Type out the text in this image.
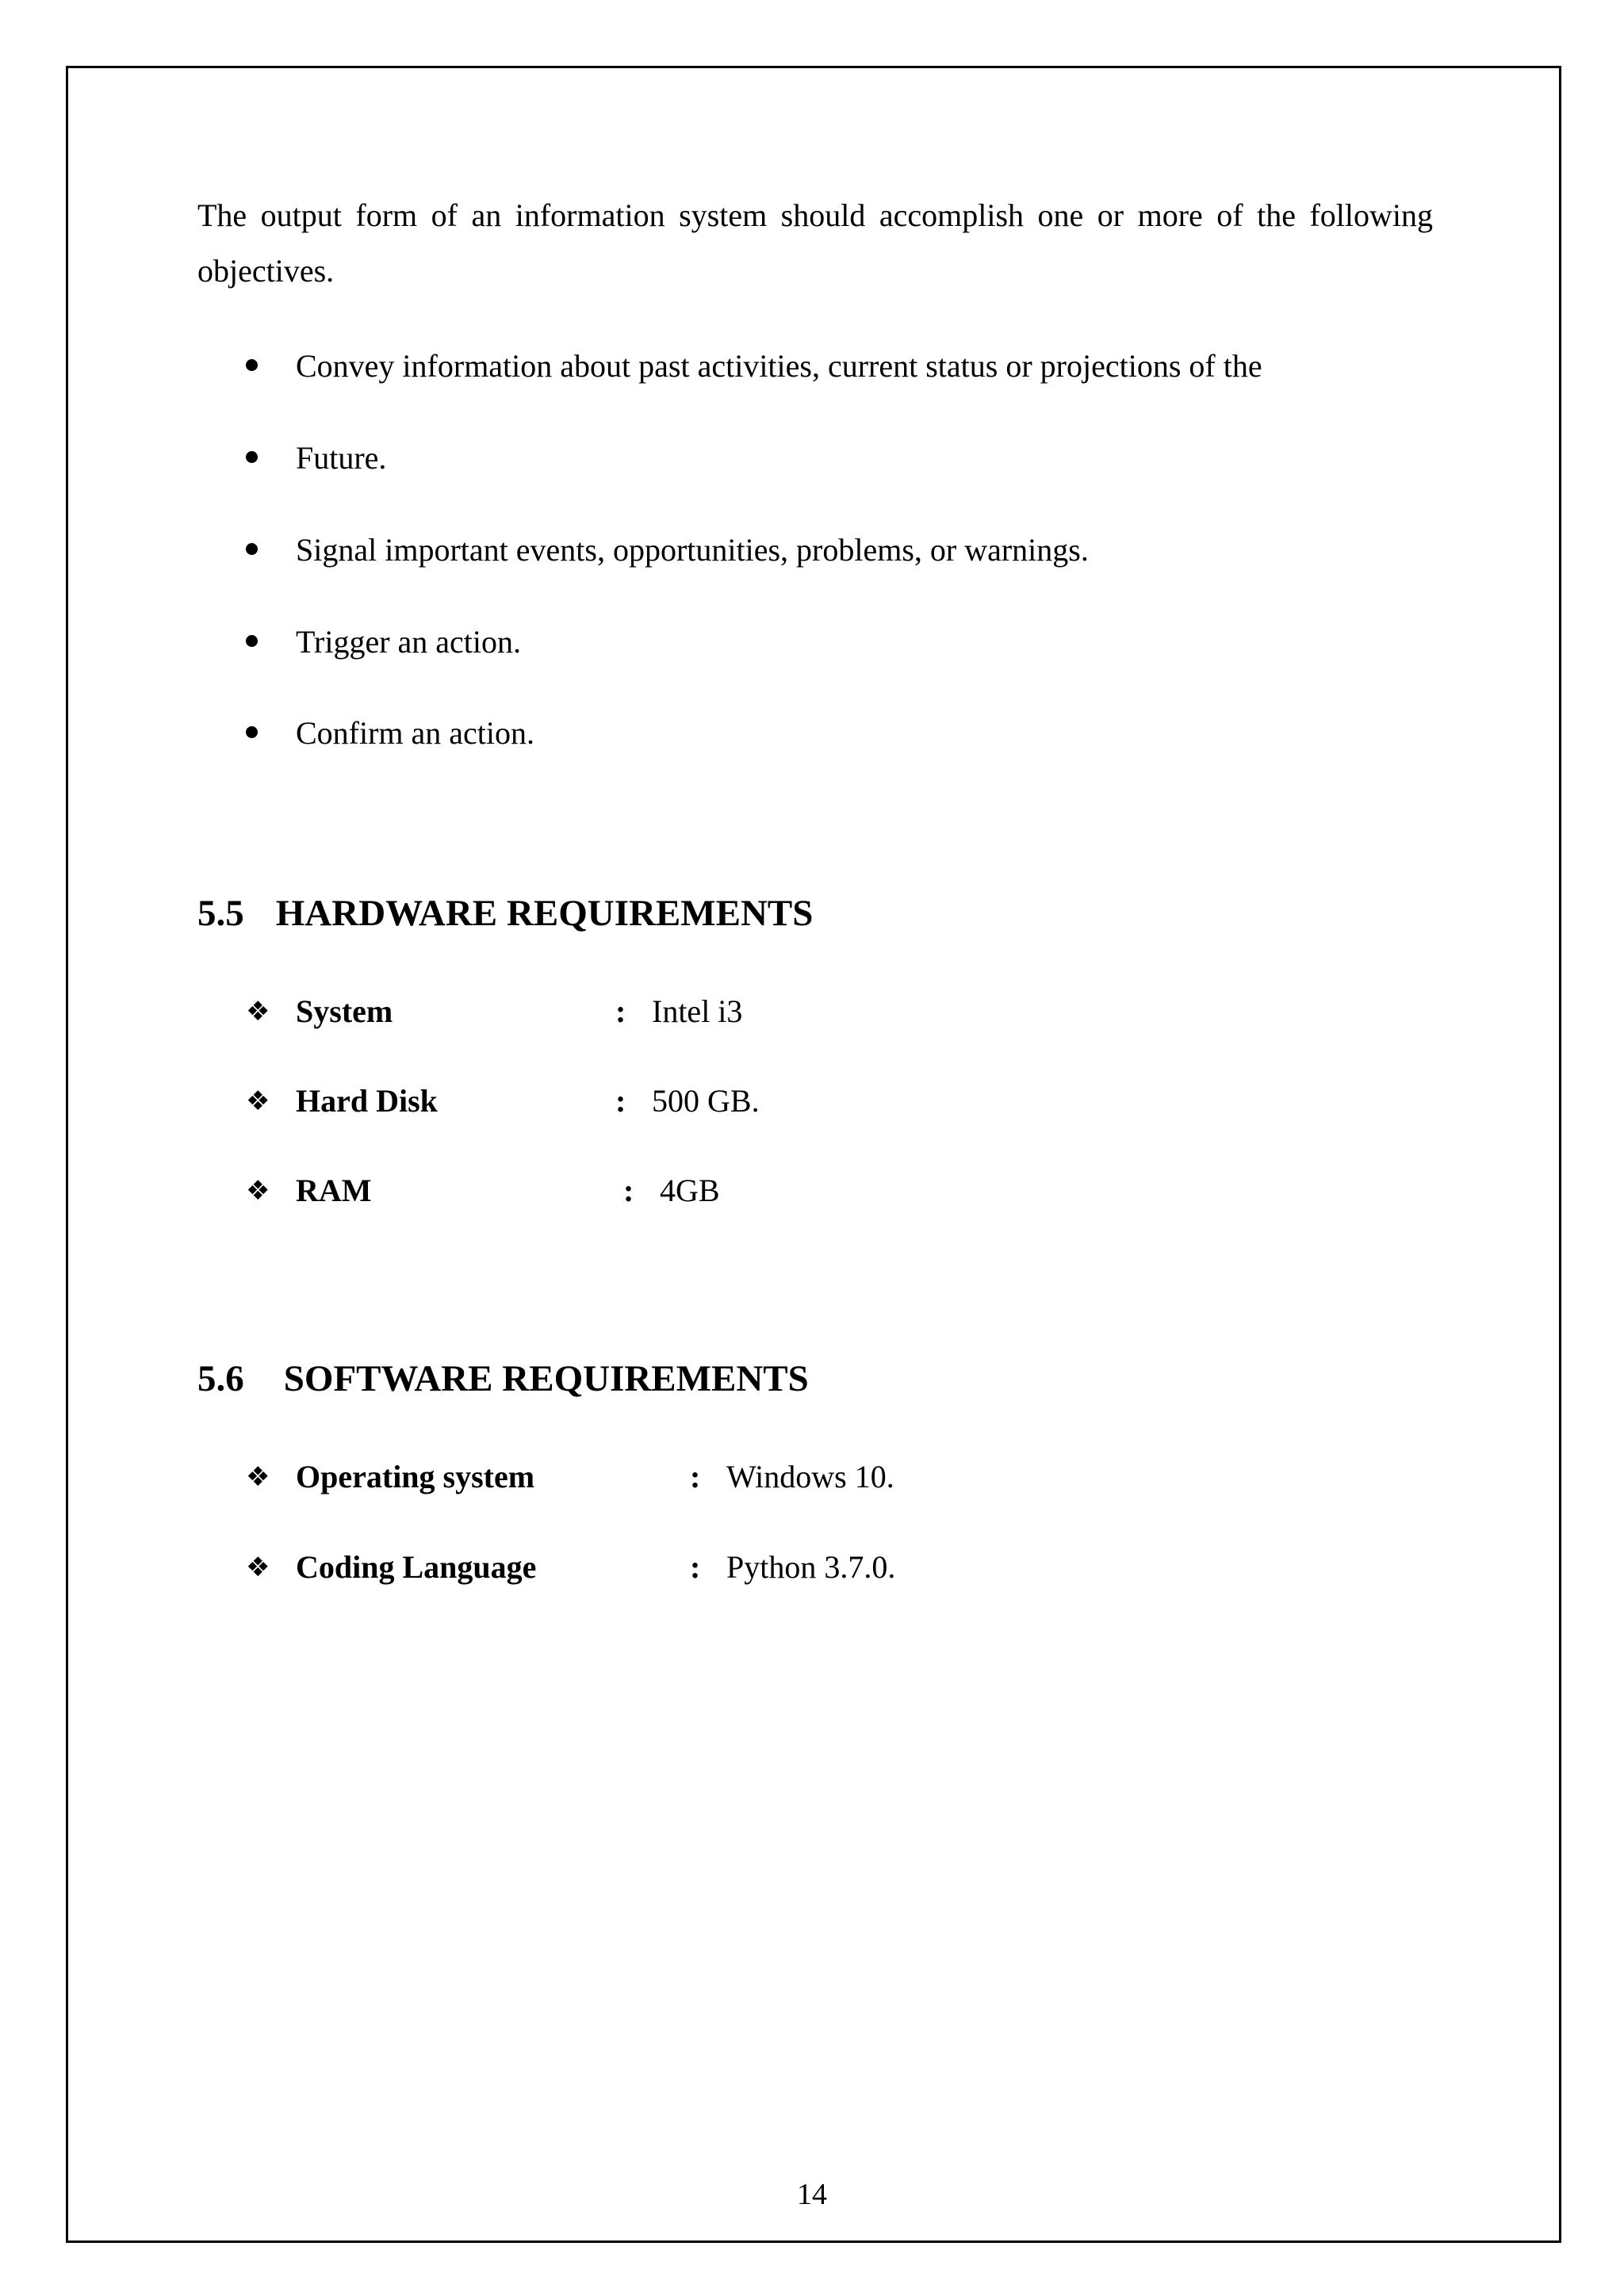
The output form of an information system should accomplish one or more of the following objectives.

Convey information about past activities, current status or projections of the
Future.
Signal important events, opportunities, problems, or warnings.
Trigger an action.
Confirm an action.
5.5 HARDWARE REQUIREMENTS
❖ System	: Intel i3
❖ Hard Disk	: 500 GB.
❖ RAM	: 4GB
5.6 SOFTWARE REQUIREMENTS
❖ Operating system	: Windows 10.
❖ Coding Language	: Python 3.7.0.
14
